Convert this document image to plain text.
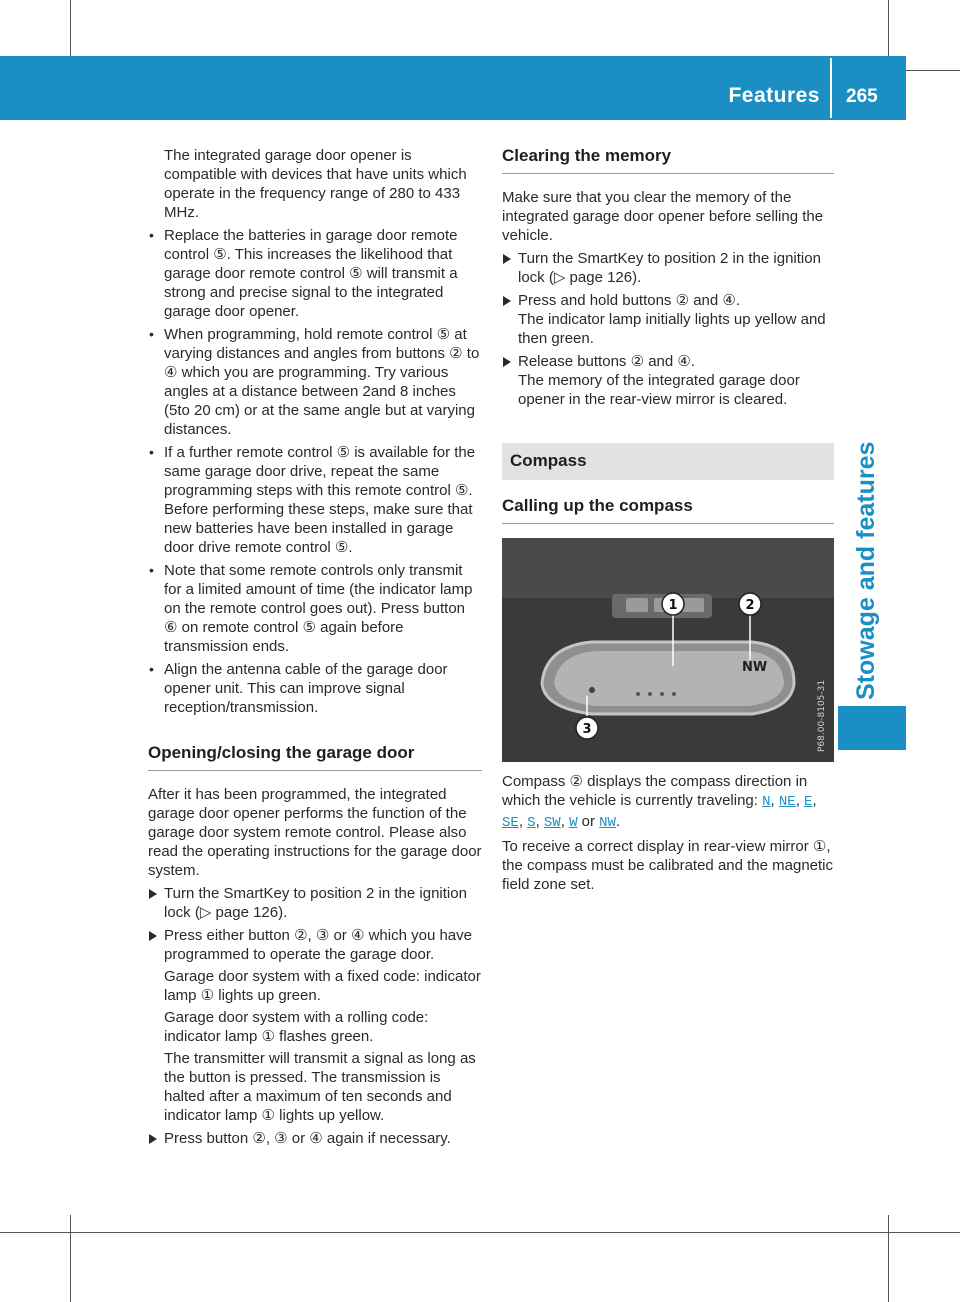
Features 265
Stowage and features

The integrated garage door opener is compatible with devices that have units which operate in the frequency range of 280 to 433 MHz.

• Replace the batteries in garage door remote control ⑤. This increases the likelihood that garage door remote control ⑤ will transmit a strong and precise signal to the integrated garage door opener.
• When programming, hold remote control ⑤ at varying distances and angles from buttons ② to ④ which you are programming. Try various angles at a distance between 2and 8 inches (5to 20 cm) or at the same angle but at varying distances.
• If a further remote control ⑤ is available for the same garage door drive, repeat the same programming steps with this remote control ⑤. Before performing these steps, make sure that new batteries have been installed in garage door drive remote control ⑤.
• Note that some remote controls only transmit for a limited amount of time (the indicator lamp on the remote control goes out). Press button ⑥ on remote control ⑤ again before transmission ends.
• Align the antenna cable of the garage door opener unit. This can improve signal reception/transmission.
Opening/closing the garage door

After it has been programmed, the integrated garage door opener performs the function of the garage door system remote control. Please also read the operating instructions for the garage door system.

Turn the SmartKey to position 2 in the ignition lock (▷ page 126).
Press either button ②, ③ or ④ which you have programmed to operate the garage door.
Garage door system with a fixed code: indicator lamp ① lights up green.
Garage door system with a rolling code: indicator lamp ① flashes green.
The transmitter will transmit a signal as long as the button is pressed. The transmission is halted after a maximum of ten seconds and indicator lamp ① lights up yellow.
Press button ②, ③ or ④ again if necessary.
Clearing the memory

Make sure that you clear the memory of the integrated garage door opener before selling the vehicle.

Turn the SmartKey to position 2 in the ignition lock (▷ page 126).
Press and hold buttons ② and ④.
The indicator lamp initially lights up yellow and then green.
Release buttons ② and ④.
The memory of the integrated garage door opener in the rear-view mirror is cleared.
Compass
Calling up the compass
NW
1	2
3	P68.00-8105-31

Compass ② displays the compass direction in which the vehicle is currently traveling: N, NE, E, SE, S, SW, W or NW.

To receive a correct display in rear-view mirror ①, the compass must be calibrated and the magnetic field zone set.
